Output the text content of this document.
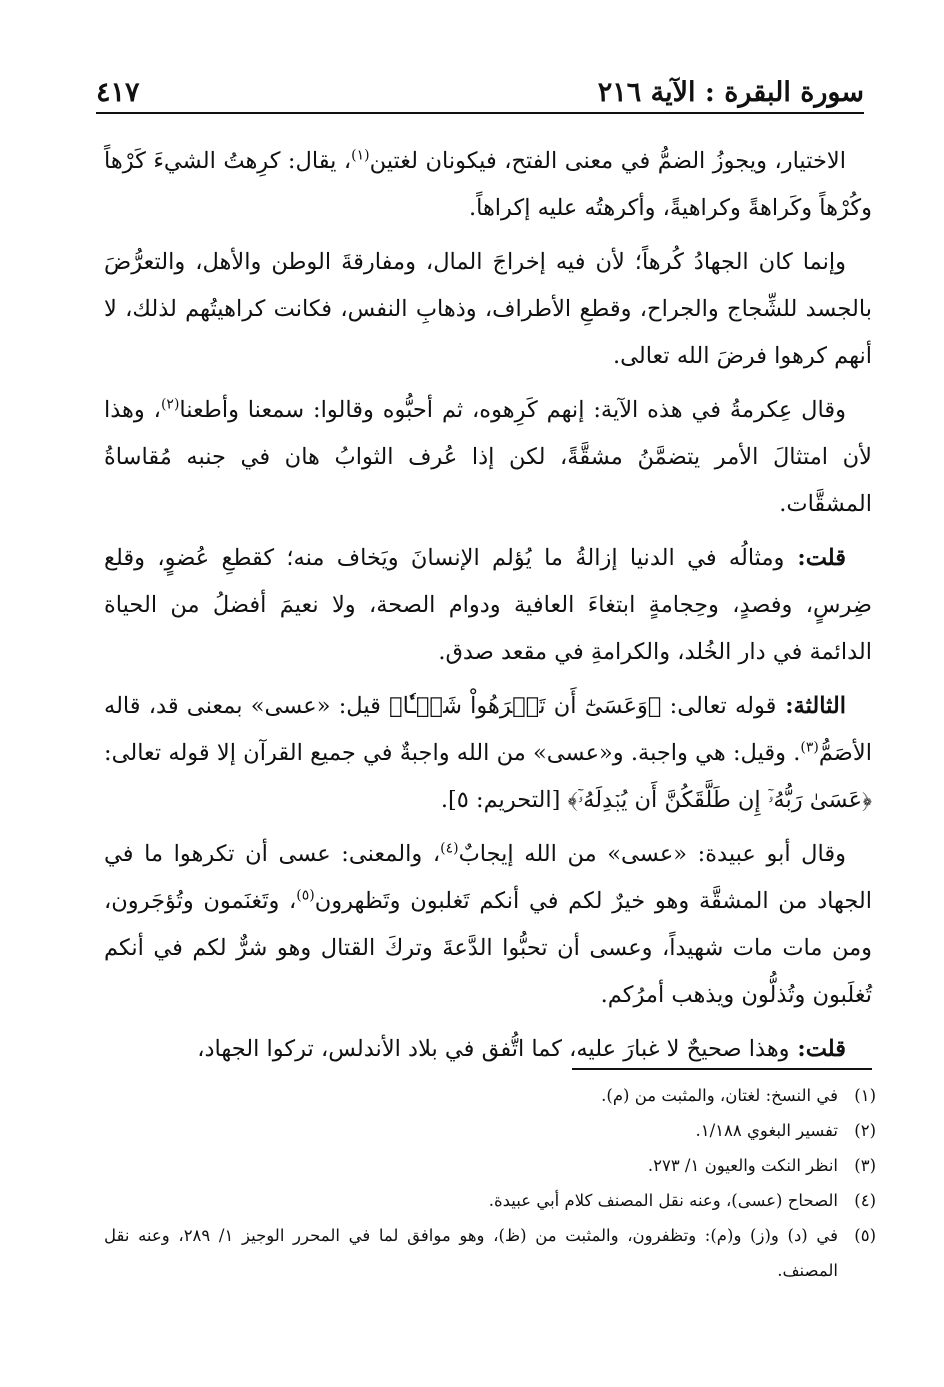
سورة البقرة : الآية ٢١٦
٤١٧

الاختيار، ويجوزُ الضمُّ في معنى الفتح، فيكونان لغتين$^{(١)}$، يقال: كرِهتُ الشيءَ كَرْهاً وكُرْهاً وكَراهةً وكراهيةً، وأكرهتُه عليه إكراهاً.

وإنما كان الجهادُ كُرهاً؛ لأن فيه إخراجَ المال، ومفارقةَ الوطن والأهل، والتعرُّضَ بالجسد للشِّجاج والجراح، وقطعِ الأطراف، وذهابِ النفس، فكانت كراهيتُهم لذلك، لا أنهم كرهوا فرضَ الله تعالى.

وقال عِكرمةُ في هذه الآية: إنهم كَرِهوه، ثم أحبُّوه وقالوا: سمعنا وأطعنا$^{(٢)}$، وهذا لأن امتثالَ الأمر يتضمَّنُ مشقَّةً، لكن إذا عُرف الثوابُ هان في جنبه مُقاساةُ المشقَّات.

قلت: ومثالُه في الدنيا إزالةُ ما يُؤلم الإنسانَ ويَخاف منه؛ كقطعِ عُضوٍ، وقلع ضِرسٍ، وفصدٍ، وحِجامةٍ ابتغاءَ العافية ودوام الصحة، ولا نعيمَ أفضلُ من الحياة الدائمة في دار الخُلد، والكرامةِ في مقعد صدق.

الثالثة: قوله تعالى: ﴿وَعَسَىٰٓ أَن تَكۡرَهُواْ شَيۡـٔٗا﴾ قيل: «عسى» بمعنى قد، قاله الأصَمُّ$^{(٣)}$. وقيل: هي واجبة. و«عسى» من الله واجبةٌ في جميع القرآن إلا قوله تعالى: ﴿عَسَىٰ رَبُّهُۥٓ إِن طَلَّقَكُنَّ أَن يُبۡدِلَهُۥٓ﴾ [التحريم: ٥].

وقال أبو عبيدة: «عسى» من الله إيجابٌ$^{(٤)}$، والمعنى: عسى أن تكرهوا ما في الجهاد من المشقَّة وهو خيرٌ لكم في أنكم تَغلبون وتَظهرون$^{(٥)}$، وتَغنَمون وتُؤجَرون، ومن مات مات شهيداً، وعسى أن تحبُّوا الدَّعةَ وتركَ القتال وهو شرٌّ لكم في أنكم تُغلَبون وتُذلُّون ويذهب أمرُكم.

قلت: وهذا صحيحٌ لا غبارَ عليه، كما اتُّفق في بلاد الأندلس، تركوا الجهاد،

(١)
في النسخ: لغتان، والمثبت من (م).
(٢)
تفسير البغوي ١/١٨٨.
(٣)
انظر النكت والعيون ١/ ٢٧٣.
(٤)
الصحاح (عسى)، وعنه نقل المصنف كلام أبي عبيدة.
(٥)
في (د) و(ز) و(م): وتظفرون، والمثبت من (ظ)، وهو موافق لما في المحرر الوجيز ١/ ٢٨٩، وعنه نقل المصنف.
